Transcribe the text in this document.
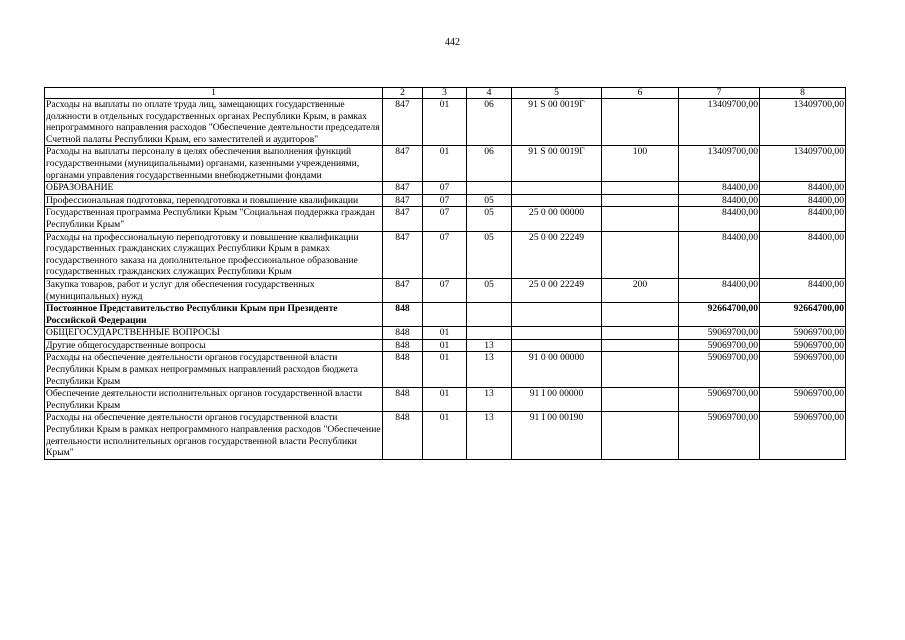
442
1	2	3	4	5	6	7	8
Расходы на выплаты по оплате труда лиц, замещающих государственные должности в отдельных государственных органах Республики Крым, в рамках непрограммного направления расходов "Обеспечение деятельности председателя Счетной палаты Республики Крым, его заместителей и аудиторов"	847	01	06	91 S 00 0019Г		13409700,00	13409700,00
Расходы на выплаты персоналу в целях обеспечения выполнения функций государственными (муниципальными) органами, казенными учреждениями, органами управления государственными внебюджетными фондами	847	01	06	91 S 00 0019Г	100	13409700,00	13409700,00
ОБРАЗОВАНИЕ	847	07				84400,00	84400,00
Профессиональная подготовка, переподготовка и повышение квалификации	847	07	05			84400,00	84400,00
Государственная программа Республики Крым "Социальная поддержка граждан Республики Крым"	847	07	05	25 0 00 00000		84400,00	84400,00
Расходы на профессиональную переподготовку и повышение квалификации государственных гражданских служащих Республики Крым в рамках государственного заказа на дополнительное профессиональное образование государственных гражданских служащих Республики Крым	847	07	05	25 0 00 22249		84400,00	84400,00
Закупка товаров, работ и услуг для обеспечения государственных (муниципальных) нужд	847	07	05	25 0 00 22249	200	84400,00	84400,00
Постоянное Представительство Республики Крым при Президенте Российской Федерации	848					92664700,00	92664700,00
ОБЩЕГОСУДАРСТВЕННЫЕ ВОПРОСЫ	848	01				59069700,00	59069700,00
Другие общегосударственные вопросы	848	01	13			59069700,00	59069700,00
Расходы на обеспечение деятельности органов государственной власти Республики Крым в рамках непрограммных направлений расходов бюджета Республики Крым	848	01	13	91 0 00 00000		59069700,00	59069700,00
Обеспечение деятельности исполнительных органов государственной власти Республики Крым	848	01	13	91 I 00 00000		59069700,00	59069700,00
Расходы на обеспечение деятельности органов государственной власти Республики Крым в рамках непрограммного направления расходов "Обеспечение деятельности исполнительных органов государственной власти Республики Крым"	848	01	13	91 I 00 00190		59069700,00	59069700,00
